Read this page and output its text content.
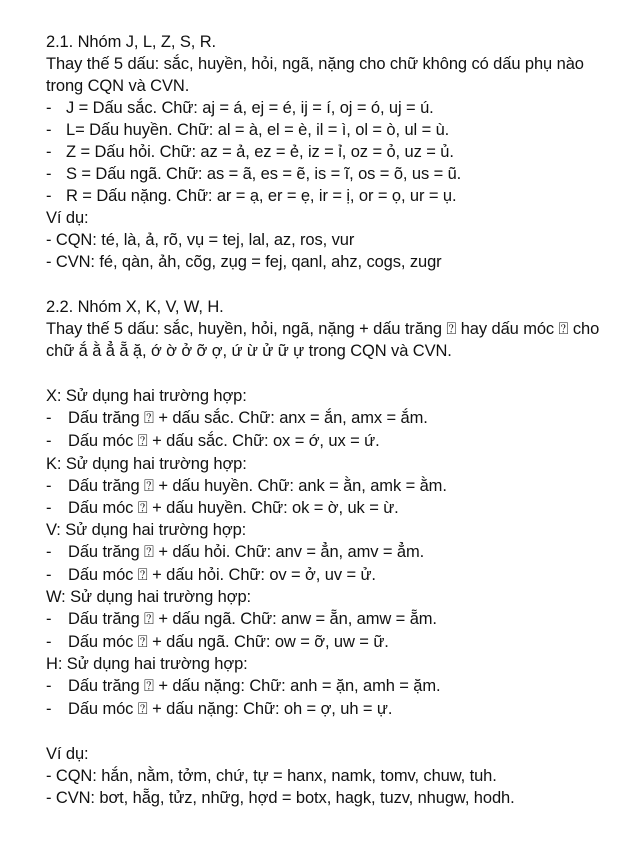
2.1. Nhóm J, L, Z, S, R.
Thay thế 5 dấu: sắc, huyền, hỏi, ngã, nặng cho chữ không có dấu phụ nào
trong CQN và CVN.
- J = Dấu sắc. Chữ: aj = á, ej = é, ij = í, oj = ó, uj = ú.
- L= Dấu huyền. Chữ: al = à, el = è, il = ì, ol = ò, ul = ù.
- Z = Dấu hỏi. Chữ: az = ả, ez = ẻ, iz = ỉ, oz = ỏ, uz = ủ.
- S = Dấu ngã. Chữ: as = ã, es = ẽ, is = ĩ, os = õ, us = ũ.
- R = Dấu nặng. Chữ: ar = ạ, er = ẹ, ir = ị, or = ọ, ur = ụ.
Ví dụ:
- CQN: té, là, ả, rõ, vụ = tej, lal, az, ros, vur
- CVN: fé, qàn, ảh, cõg, zụg = fej, qanl, ahz, cogs, zugr
2.2. Nhóm X, K, V, W, H.
Thay thế 5 dấu: sắc, huyền, hỏi, ngã, nặng + dấu trăng ⍰ hay dấu móc ⍰ cho
chữ ắ ằ ẳ ẵ ặ, ớ ờ ở ỡ ợ, ứ ừ ử ữ ự trong CQN và CVN.
X: Sử dụng hai trường hợp:
- Dấu trăng ⍰ + dấu sắc. Chữ: anx = ắn, amx = ắm.
- Dấu móc ⍰ + dấu sắc. Chữ: ox = ớ, ux = ứ.
K: Sử dụng hai trường hợp:
- Dấu trăng ⍰ + dấu huyền. Chữ: ank = ằn, amk = ằm.
- Dấu móc ⍰ + dấu huyền. Chữ: ok = ờ, uk = ừ.
V: Sử dụng hai trường hợp:
- Dấu trăng ⍰ + dấu hỏi. Chữ: anv = ẳn, amv = ẳm.
- Dấu móc ⍰ + dấu hỏi. Chữ: ov = ở, uv = ử.
W: Sử dụng hai trường hợp:
- Dấu trăng ⍰ + dấu ngã. Chữ: anw = ẵn, amw = ẵm.
- Dấu móc ⍰ + dấu ngã. Chữ: ow = ỡ, uw = ữ.
H: Sử dụng hai trường hợp:
- Dấu trăng ⍰ + dấu nặng: Chữ: anh = ặn, amh = ặm.
- Dấu móc ⍰ + dấu nặng: Chữ: oh = ợ, uh = ự.
Ví dụ:
- CQN: hắn, nằm, tởm, chứ, tự = hanx, namk, tomv, chuw, tuh.
- CVN: bơt, hẵg, tửz, nhữg, hợd = botx, hagk, tuzv, nhugw, hodh.
